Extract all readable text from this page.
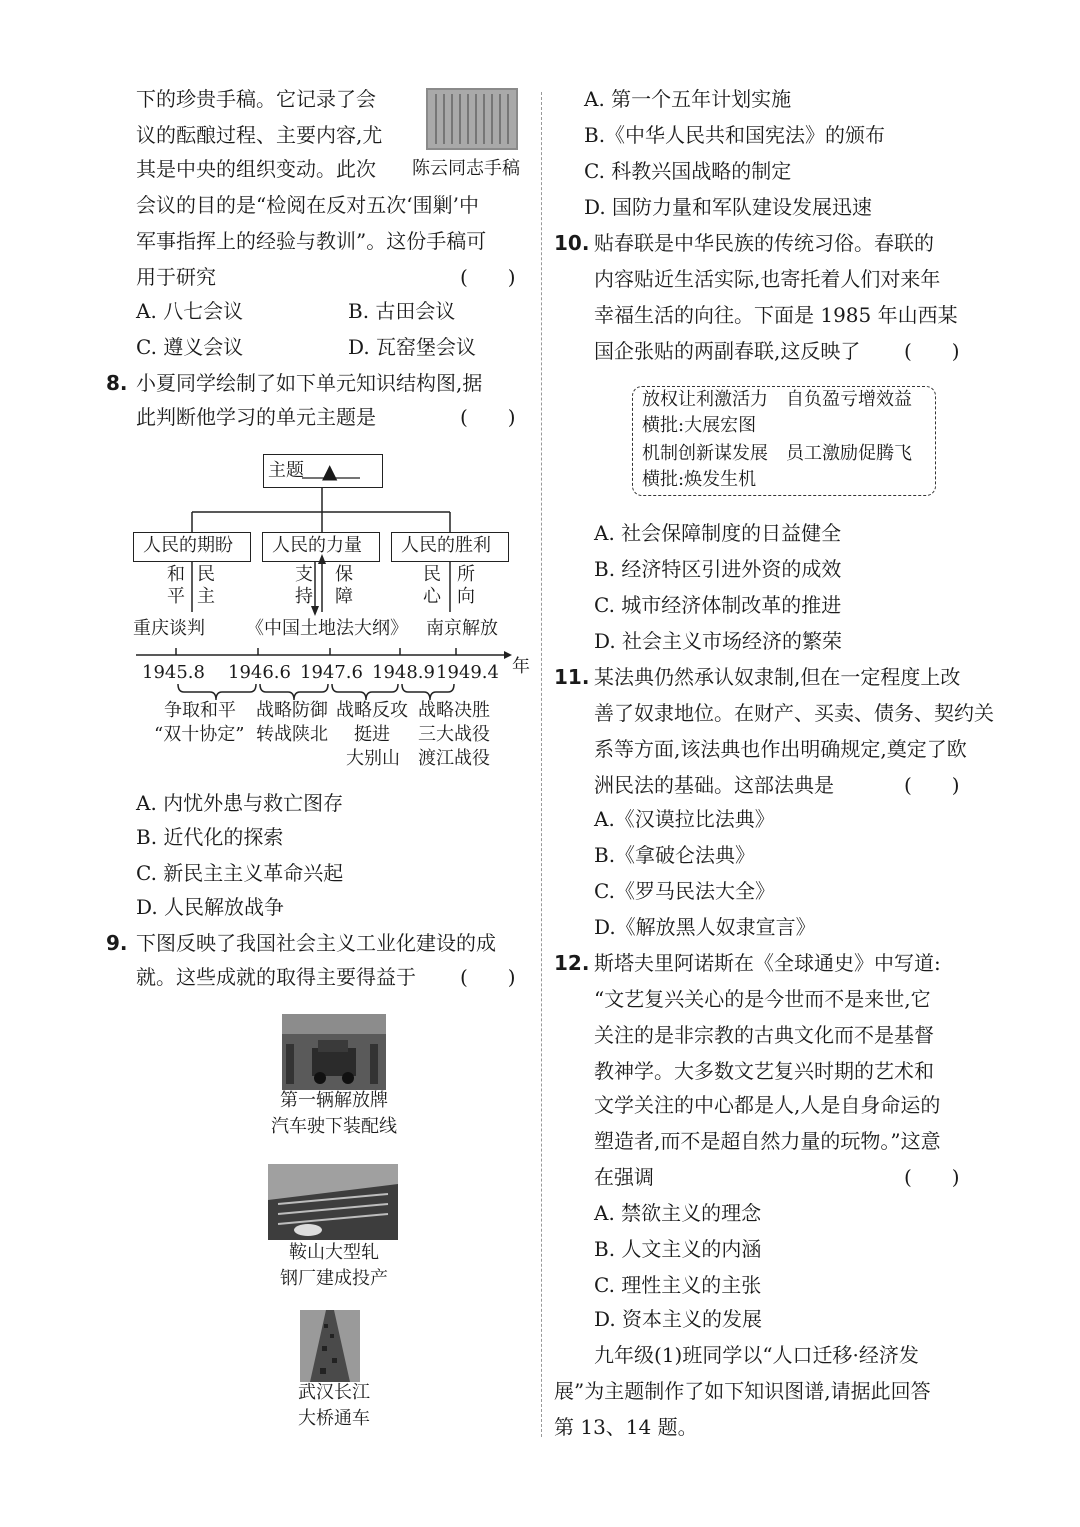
下的珍贵手稿。它记录了会
议的酝酿过程、主要内容,尤
其是中央的组织变动。此次 陈云同志手稿
会议的目的是“检阅在反对五次‘围剿’中
军事指挥上的经验与教训”。这份手稿可
用于研究	(　　)
A. 八七会议	B. 古田会议
C. 遵义会议	D. 瓦窑堡会议
8. 小夏同学绘制了如下单元知识结构图,据
此判断他学习的单元主题是	(　　)
主题 ▲
人民的期盼 人民的力量 人民的胜利
和
平
民
主
支
持
保
障
民
心
所
向
重庆谈判 《中国土地法大纲》 南京解放
1945.8 1946.6 1947.6 1948.9 1949.4 年
争取和平 战略防御 战略反攻 战略决胜
“双十协定” 转战陕北 挺进 三大战役
大别山 渡江战役
A. 内忧外患与救亡图存
B. 近代化的探索
C. 新民主主义革命兴起
D. 人民解放战争
9. 下图反映了我国社会主义工业化建设的成
就。这些成就的取得主要得益于 (　　)
第一辆解放牌
汽车驶下装配线
鞍山大型轧
钢厂建成投产
武汉长江
大桥通车
A. 第一个五年计划实施
B.《中华人民共和国宪法》的颁布
C. 科教兴国战略的制定
D. 国防力量和军队建设发展迅速
10. 贴春联是中华民族的传统习俗。春联的
内容贴近生活实际,也寄托着人们对来年
幸福生活的向往。下面是 1985 年山西某
国企张贴的两副春联,这反映了 (　　)
放权让利激活力　自负盈亏增效益
横批:大展宏图
机制创新谋发展　员工激励促腾飞
横批:焕发生机
A. 社会保障制度的日益健全
B. 经济特区引进外资的成效
C. 城市经济体制改革的推进
D. 社会主义市场经济的繁荣
11. 某法典仍然承认奴隶制,但在一定程度上改
善了奴隶地位。在财产、买卖、债务、契约关
系等方面,该法典也作出明确规定,奠定了欧
洲民法的基础。这部法典是	(　　)
A.《汉谟拉比法典》
B.《拿破仑法典》
C.《罗马民法大全》
D.《解放黑人奴隶宣言》
12. 斯塔夫里阿诺斯在《全球通史》中写道:
“文艺复兴关心的是今世而不是来世,它
关注的是非宗教的古典文化而不是基督
教神学。大多数文艺复兴时期的艺术和
文学关注的中心都是人,人是自身命运的
塑造者,而不是超自然力量的玩物。”这意
在强调	(　　)
A. 禁欲主义的理念
B. 人文主义的内涵
C. 理性主义的主张
D. 资本主义的发展
九年级(1)班同学以“人口迁移·经济发
展”为主题制作了如下知识图谱,请据此回答
第 13、14 题。
